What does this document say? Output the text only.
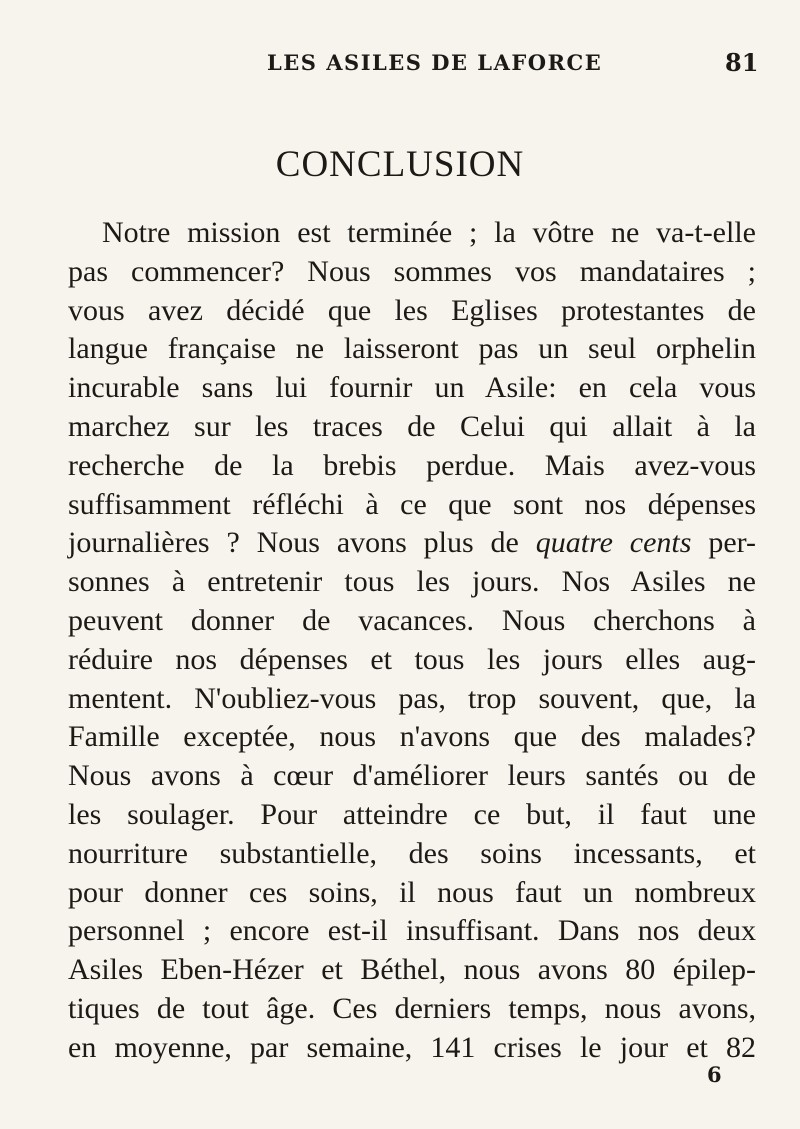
LES ASILES DE LAFORCE	81
CONCLUSION
Notre mission est terminée ; la vôtre ne va-t-elle
pas commencer? Nous sommes vos mandataires ;
vous avez décidé que les Eglises protestantes de
langue française ne laisseront pas un seul orphelin
incurable sans lui fournir un Asile: en cela vous
marchez sur les traces de Celui qui allait à la
recherche de la brebis perdue. Mais avez-vous
suffisamment réfléchi à ce que sont nos dépenses
journalières ? Nous avons plus de quatre cents per-
sonnes à entretenir tous les jours. Nos Asiles ne
peuvent donner de vacances. Nous cherchons à
réduire nos dépenses et tous les jours elles aug-
mentent. N'oubliez-vous pas, trop souvent, que, la
Famille exceptée, nous n'avons que des malades?
Nous avons à cœur d'améliorer leurs santés ou de
les soulager. Pour atteindre ce but, il faut une
nourriture substantielle, des soins incessants, et
pour donner ces soins, il nous faut un nombreux
personnel ; encore est-il insuffisant. Dans nos deux
Asiles Eben-Hézer et Béthel, nous avons 80 épilep-
tiques de tout âge. Ces derniers temps, nous avons,
en moyenne, par semaine, 141 crises le jour et 82
6
